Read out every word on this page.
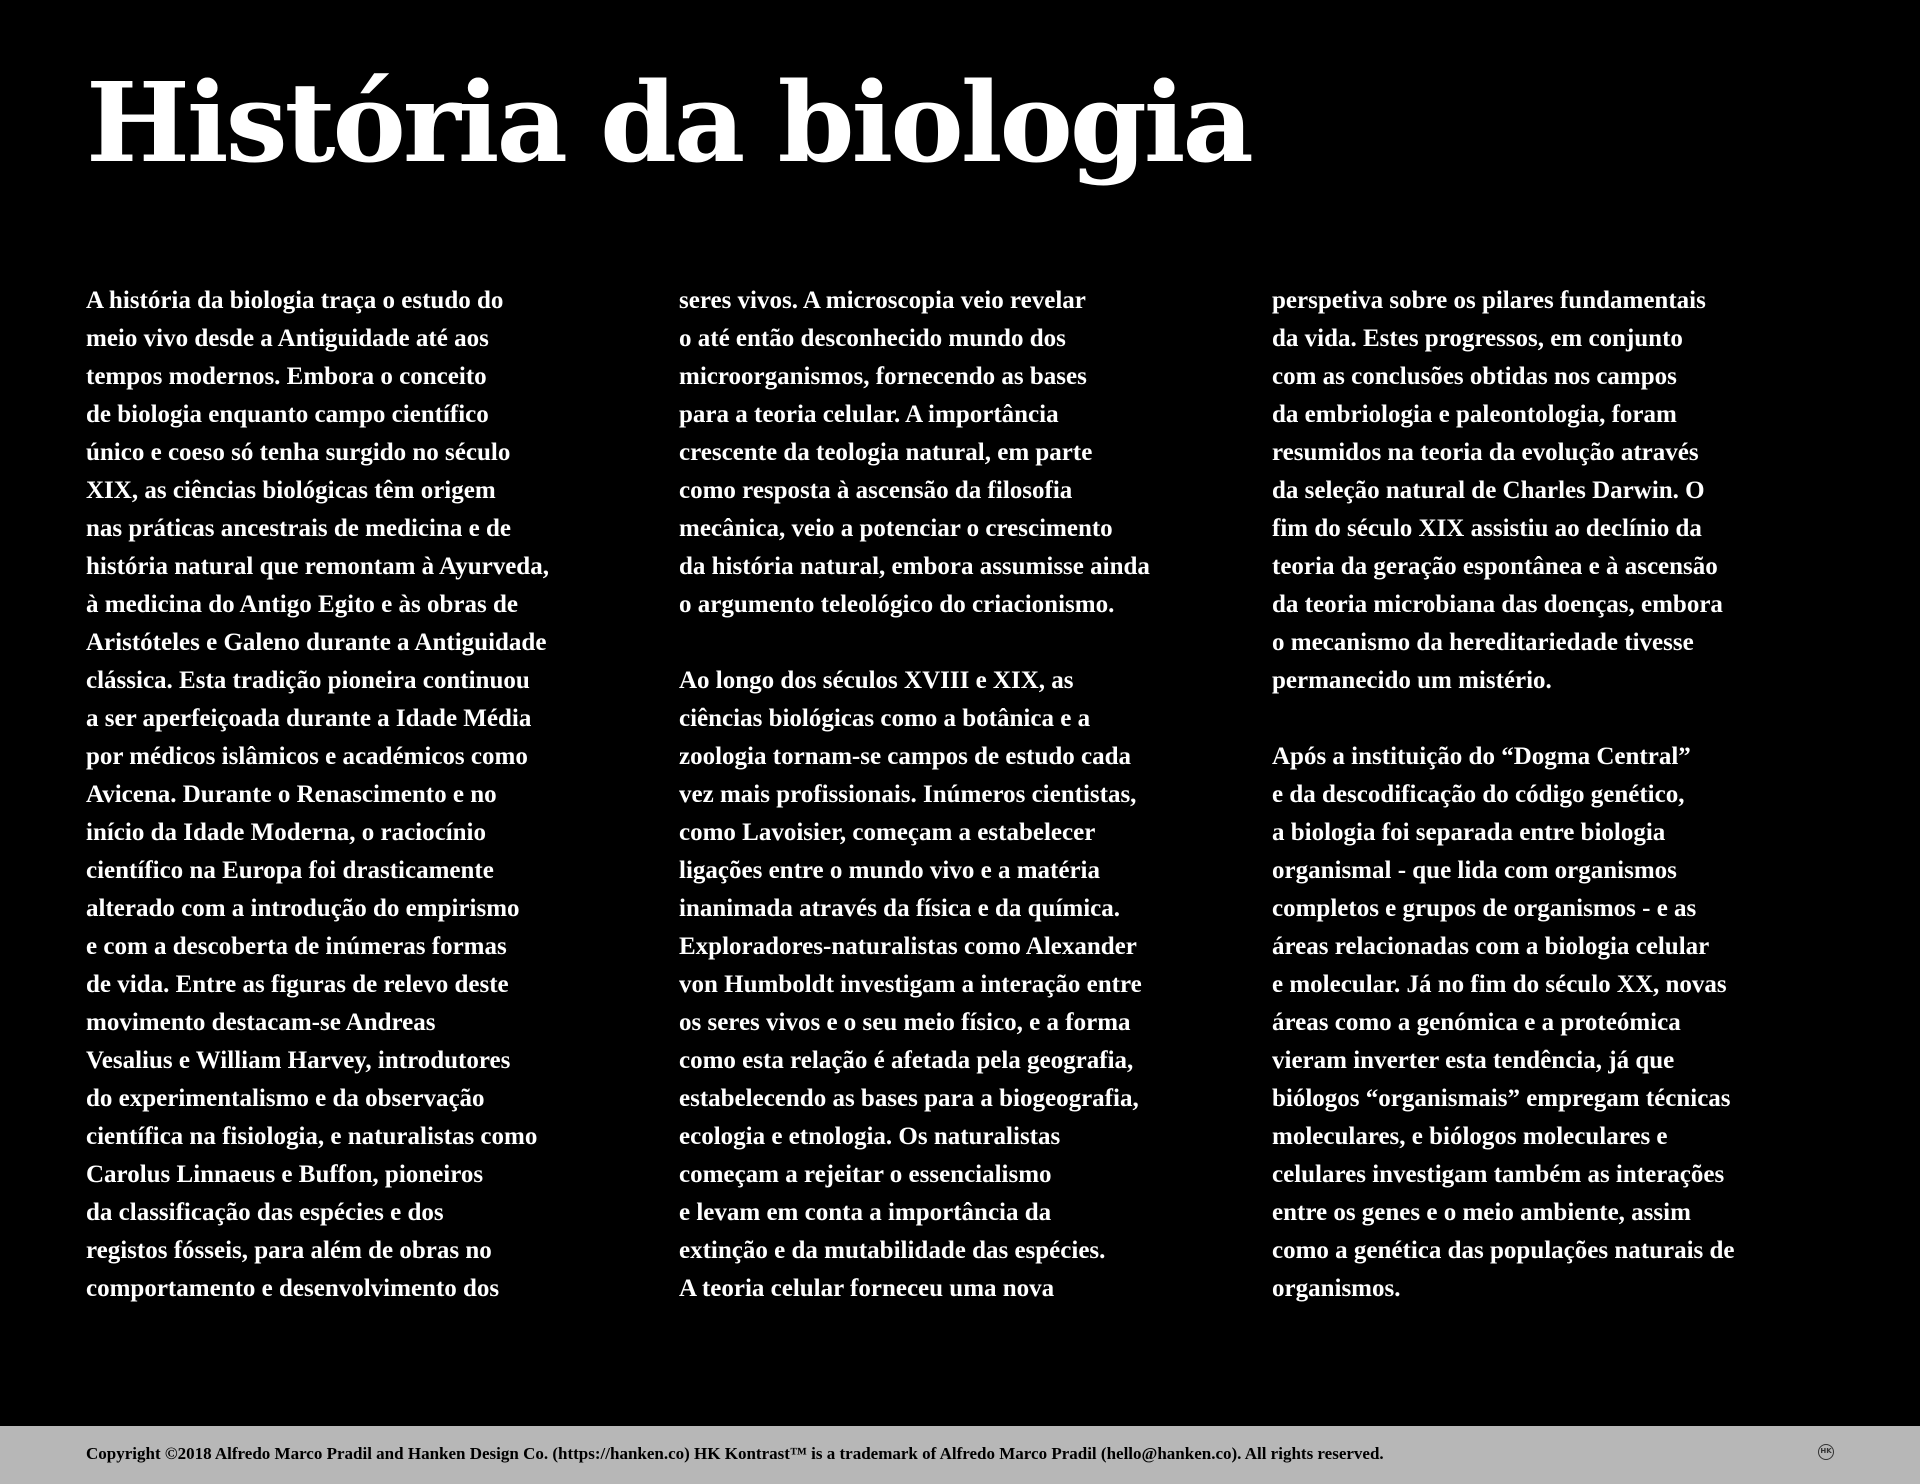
História da biologia

A história da biologia traça o estudo do
meio vivo desde a Antiguidade até aos
tempos modernos. Embora o conceito
de biologia enquanto campo científico
único e coeso só tenha surgido no século
XIX, as ciências biológicas têm origem
nas práticas ancestrais de medicina e de
história natural que remontam à Ayurveda,
à medicina do Antigo Egito e às obras de
Aristóteles e Galeno durante a Antiguidade
clássica. Esta tradição pioneira continuou
a ser aperfeiçoada durante a Idade Média
por médicos islâmicos e académicos como
Avicena. Durante o Renascimento e no
início da Idade Moderna, o raciocínio
científico na Europa foi drasticamente
alterado com a introdução do empirismo
e com a descoberta de inúmeras formas
de vida. Entre as figuras de relevo deste
movimento destacam-se Andreas
Vesalius e William Harvey, introdutores
do experimentalismo e da observação
científica na fisiologia, e naturalistas como
Carolus Linnaeus e Buffon, pioneiros
da classificação das espécies e dos
registos fósseis, para além de obras no
comportamento e desenvolvimento dos

seres vivos. A microscopia veio revelar
o até então desconhecido mundo dos
microorganismos, fornecendo as bases
para a teoria celular. A importância
crescente da teologia natural, em parte
como resposta à ascensão da filosofia
mecânica, veio a potenciar o crescimento
da história natural, embora assumisse ainda
o argumento teleológico do criacionismo.

Ao longo dos séculos XVIII e XIX, as
ciências biológicas como a botânica e a
zoologia tornam-se campos de estudo cada
vez mais profissionais. Inúmeros cientistas,
como Lavoisier, começam a estabelecer
ligações entre o mundo vivo e a matéria
inanimada através da física e da química.
Exploradores-naturalistas como Alexander
von Humboldt investigam a interação entre
os seres vivos e o seu meio físico, e a forma
como esta relação é afetada pela geografia,
estabelecendo as bases para a biogeografia,
ecologia e etnologia. Os naturalistas
começam a rejeitar o essencialismo
e levam em conta a importância da
extinção e da mutabilidade das espécies.
A teoria celular forneceu uma nova

perspetiva sobre os pilares fundamentais
da vida. Estes progressos, em conjunto
com as conclusões obtidas nos campos
da embriologia e paleontologia, foram
resumidos na teoria da evolução através
da seleção natural de Charles Darwin. O
fim do século XIX assistiu ao declínio da
teoria da geração espontânea e à ascensão
da teoria microbiana das doenças, embora
o mecanismo da hereditariedade tivesse
permanecido um mistério.

Após a instituição do “Dogma Central”
e da descodificação do código genético,
a biologia foi separada entre biologia
organismal - que lida com organismos
completos e grupos de organismos - e as
áreas relacionadas com a biologia celular
e molecular. Já no fim do século XX, novas
áreas como a genómica e a proteómica
vieram inverter esta tendência, já que
biólogos “organismais” empregam técnicas
moleculares, e biólogos moleculares e
celulares investigam também as interações
entre os genes e o meio ambiente, assim
como a genética das populações naturais de
organismos.

Copyright ©2018 Alfredo Marco Pradil and Hanken Design Co. (https://hanken.co) HK Kontrast™ is a trademark of Alfredo Marco Pradil (hello@hanken.co). All rights reserved.	HK
